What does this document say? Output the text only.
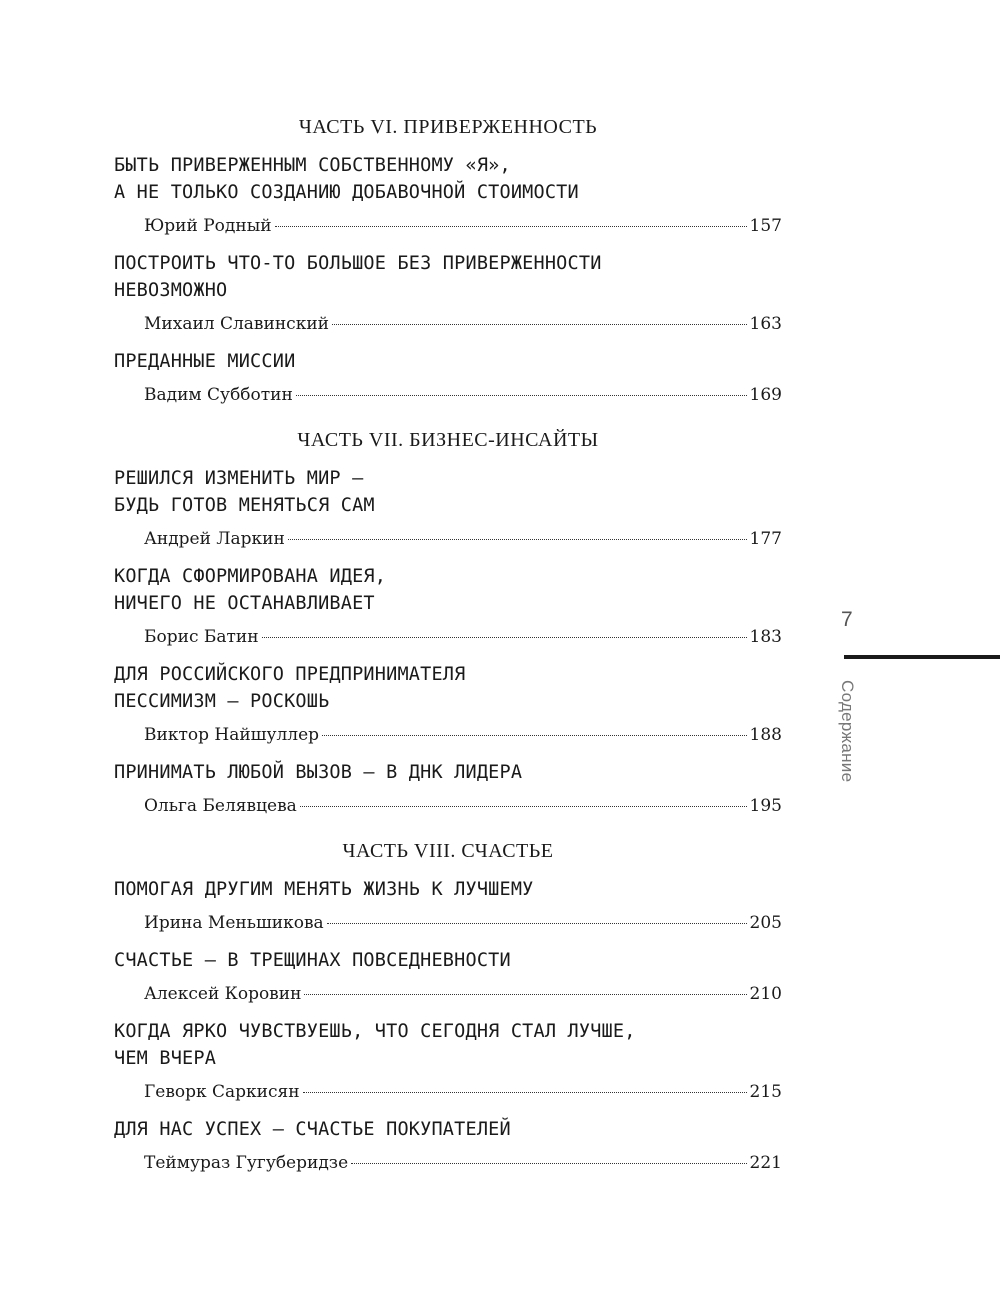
ЧАСТЬ VI. ПРИВЕРЖЕННОСТЬ

БЫТЬ ПРИВЕРЖЕННЫМ СОБСТВЕННОМУ «Я»,
А НЕ ТОЛЬКО СОЗДАНИЮ ДОБАВОЧНОЙ СТОИМОСТИ

Юрий Родный	157

ПОСТРОИТЬ ЧТО-ТО БОЛЬШОЕ БЕЗ ПРИВЕРЖЕННОСТИ
НЕВОЗМОЖНО

Михаил Славинский	163

ПРЕДАННЫЕ МИССИИ

Вадим Субботин	169
ЧАСТЬ VII. БИЗНЕС-ИНСАЙТЫ

РЕШИЛСЯ ИЗМЕНИТЬ МИР —
БУДЬ ГОТОВ МЕНЯТЬСЯ САМ

Андрей Ларкин	177

КОГДА СФОРМИРОВАНА ИДЕЯ,
НИЧЕГО НЕ ОСТАНАВЛИВАЕТ

Борис Батин	183

ДЛЯ РОССИЙСКОГО ПРЕДПРИНИМАТЕЛЯ
ПЕССИМИЗМ — РОСКОШЬ

Виктор Найшуллер	188

ПРИНИМАТЬ ЛЮБОЙ ВЫЗОВ — В ДНК ЛИДЕРА

Ольга Белявцева	195
ЧАСТЬ VIII. СЧАСТЬЕ

ПОМОГАЯ ДРУГИМ МЕНЯТЬ ЖИЗНЬ К ЛУЧШЕМУ

Ирина Меньшикова	205

СЧАСТЬЕ — В ТРЕЩИНАХ ПОВСЕДНЕВНОСТИ

Алексей Коровин	210

КОГДА ЯРКО ЧУВСТВУЕШЬ, ЧТО СЕГОДНЯ СТАЛ ЛУЧШЕ,
ЧЕМ ВЧЕРА

Геворк Саркисян	215

ДЛЯ НАС УСПЕХ — СЧАСТЬЕ ПОКУПАТЕЛЕЙ

Теймураз Гугуберидзе	221
7
Содержание
